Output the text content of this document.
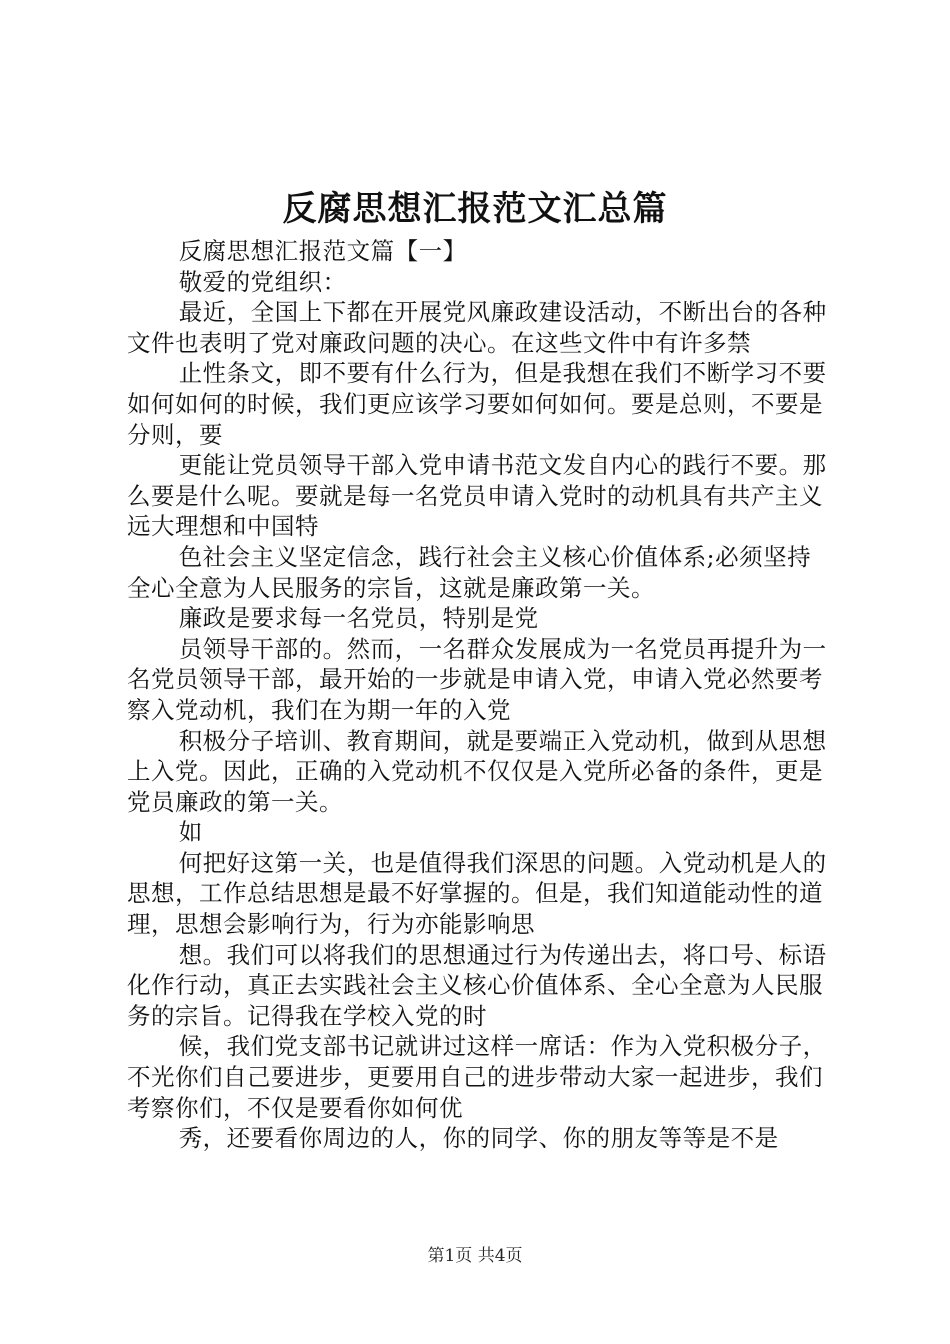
反腐思想汇报范文汇总篇

反腐思想汇报范文篇【一】

敬爱的党组织：

最近，全国上下都在开展党风廉政建设活动，不断出台的各种文件也表明了党对廉政问题的决心。在这些文件中有许多禁

止性条文，即不要有什么行为，但是我想在我们不断学习不要如何如何的时候，我们更应该学习要如何如何。要是总则，不要是分则，要

更能让党员领导干部入党申请书范文发自内心的践行不要。那么要是什么呢。要就是每一名党员申请入党时的动机具有共产主义远大理想和中国特

色社会主义坚定信念，践行社会主义核心价值体系;必须坚持全心全意为人民服务的宗旨，这就是廉政第一关。

廉政是要求每一名党员，特别是党

员领导干部的。然而，一名群众发展成为一名党员再提升为一名党员领导干部，最开始的一步就是申请入党，申请入党必然要考察入党动机，我们在为期一年的入党

积极分子培训、教育期间，就是要端正入党动机，做到从思想上入党。因此，正确的入党动机不仅仅是入党所必备的条件，更是党员廉政的第一关。

如

何把好这第一关，也是值得我们深思的问题。入党动机是人的思想，工作总结思想是最不好掌握的。但是，我们知道能动性的道理，思想会影响行为，行为亦能影响思

想。我们可以将我们的思想通过行为传递出去，将口号、标语化作行动，真正去实践社会主义核心价值体系、全心全意为人民服务的宗旨。记得我在学校入党的时

候，我们党支部书记就讲过这样一席话：作为入党积极分子，不光你们自己要进步，更要用自己的进步带动大家一起进步，我们考察你们，不仅是要看你如何优

秀，还要看你周边的人，你的同学、你的朋友等等是不是

第1页 共4页
